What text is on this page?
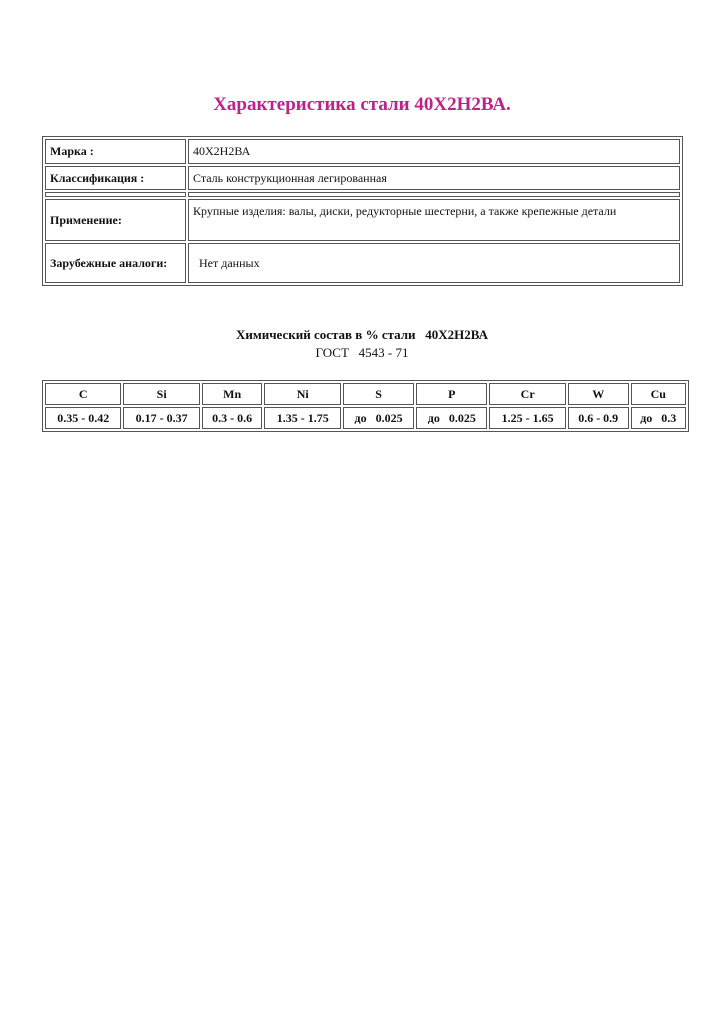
Характеристика стали 40Х2Н2ВА.
Марка :	40Х2Н2ВА
Классификация :	Сталь конструкционная легированная

Применение:	Крупные изделия: валы, диски, редукторные шестерни, а также крепежные детали
Зарубежные аналоги:	Нет данных
Химический состав в % стали   40Х2Н2ВА
ГОСТ   4543 - 71
C	Si	Mn	Ni	S	P	Cr	W	Cu
0.35 - 0.42	0.17 - 0.37	0.3 - 0.6	1.35 - 1.75	до   0.025	до   0.025	1.25 - 1.65	0.6 - 0.9	до   0.3
